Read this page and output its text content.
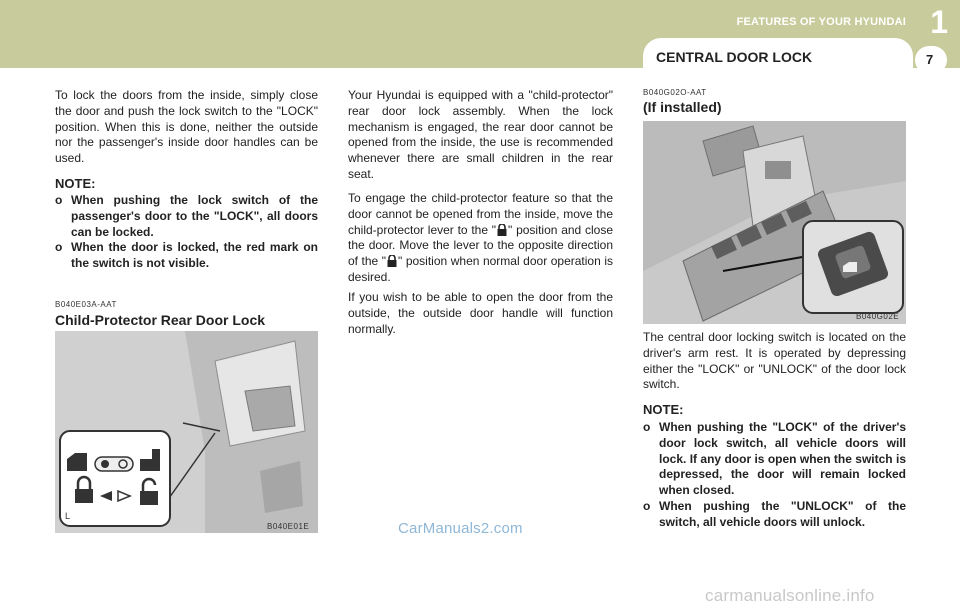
FEATURES OF YOUR HYUNDAI 1
CENTRAL DOOR LOCK	7
To lock the doors from the inside, simply close the door and push the lock switch to the "LOCK" position. When this is done, neither the outside nor the passenger's inside door handles can be used.
NOTE:
o When pushing the lock switch of the passenger's door to the "LOCK", all doors can be locked.
o When the door is locked, the red mark on the switch is not visible.
B040E03A-AAT
Child-Protector Rear Door Lock
L
B040E01E
Your Hyundai is equipped with a "child-protector" rear door lock assembly. When the lock mechanism is engaged, the rear door cannot be opened from the inside, the use is recommended whenever there are small children in the rear seat.
To engage the child-protector feature so that the door cannot be opened from the inside, move the child-protector lever to the " " position and close the door. Move the lever to the opposite direction of the " " position when normal door operation is desired.
If you wish to be able to open the door from the outside, the outside door handle will function normally.
B040G02O-AAT
(If installed)
B040G02E
The central door locking switch is located on the driver's arm rest. It is operated by depressing either the "LOCK" or "UNLOCK" of the door lock switch.
NOTE:
o When pushing the "LOCK" of the driver's door lock switch, all vehicle doors will lock. If any door is open when the switch is depressed, the door will remain locked when closed.
o When pushing the "UNLOCK" of the switch, all vehicle doors will unlock.
CarManuals2.com
carmanualsonline.info
